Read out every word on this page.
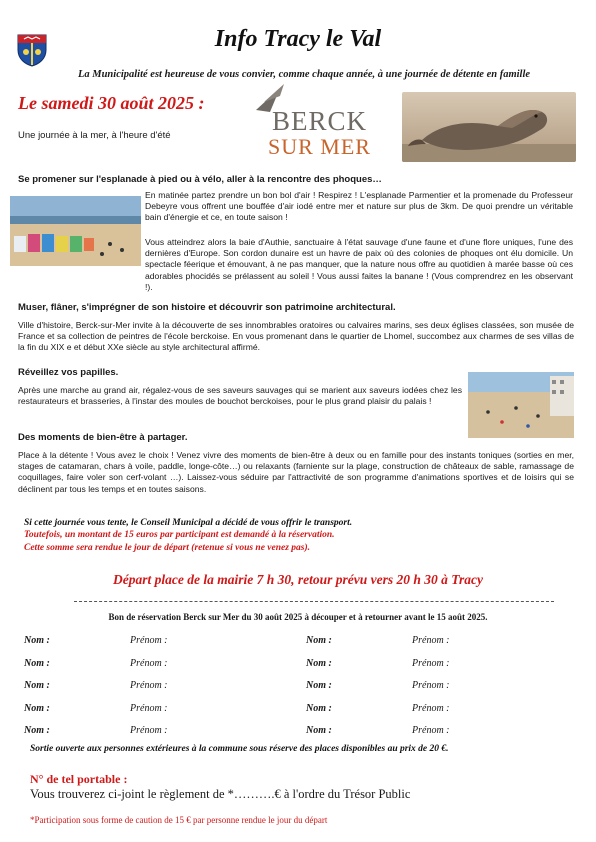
Info Tracy le Val
La Municipalité est heureuse de vous convier, comme chaque année, à une journée de détente en famille
Le samedi 30 août 2025 :
Une journée à la mer, à l'heure d'été	BERCK
SUR MER
Se promener sur l'esplanade à pied ou à vélo, aller à la rencontre des phoques…

En matinée partez prendre un bon bol d'air ! Respirez ! L'esplanade Parmentier et la promenade du Professeur Debeyre vous offrent une bouffée d'air iodé entre mer et nature sur plus de 3km. De quoi prendre un véritable bain d'énergie et ce, en toute saison !

Vous atteindrez alors la baie d'Authie, sanctuaire à l'état sauvage d'une faune et d'une flore uniques, l'une des dernières d'Europe. Son cordon dunaire est un havre de paix où des colonies de phoques ont élu domicile. Un spectacle féerique et émouvant, à ne pas manquer, que la nature nous offre au quotidien à marée basse où ces adorables phocidés se prélassent au soleil ! Vous aussi faites la banane ! (Vous comprendrez en les observant !).

Muser, flâner, s'imprégner de son histoire et découvrir son patrimoine architectural.

Ville d'histoire, Berck-sur-Mer invite à la découverte de ses innombrables oratoires ou calvaires marins, ses deux églises classées, son musée de France et sa collection de peintres de l'école berckoise. En vous promenant dans le quartier de Lhomel, succombez aux charmes de ses villas de la fin du XIX e et début XXe siècle au style architectural affirmé.

Réveillez vos papilles.

Après une marche au grand air, régalez-vous de ses saveurs sauvages qui se marient aux saveurs iodées chez les restaurateurs et brasseries, à l'instar des moules de bouchot berckoises, pour le plus grand plaisir du palais !

Des moments de bien-être à partager.

Place à la détente ! Vous avez le choix ! Venez vivre des moments de bien-être à deux ou en famille pour des instants toniques (sorties en mer, stages de catamaran, chars à voile, paddle, longe-côte…) ou relaxants (farniente sur la plage, construction de châteaux de sable, ramassage de coquillages, faire voler son cerf-volant …). Laissez-vous séduire par l'attractivité de son programme d'animations sportives et de loisirs qui se déclinent par tous les temps et en toutes saisons.

Si cette journée vous tente, le Conseil Municipal a décidé de vous offrir le transport.
Toutefois, un montant de 15 euros par participant est demandé à la réservation.
Cette somme sera rendue le jour de départ (retenue si vous ne venez pas).
Départ place de la mairie 7 h 30, retour prévu vers 20 h 30 à Tracy
Bon de réservation Berck sur Mer du 30 août 2025 à découper et à retourner avant le 15 août 2025.
Nom :	Prénom :	Nom :	Prénom :
Nom :	Prénom :	Nom :	Prénom :
Nom :	Prénom :	Nom :	Prénom :
Nom :	Prénom :	Nom :	Prénom :
Nom :	Prénom :	Nom :	Prénom :
Sortie ouverte aux personnes extérieures à la commune sous réserve des places disponibles au prix de 20 €.
N° de tel portable :
Vous trouverez ci-joint le règlement de *……….€ à l'ordre du Trésor Public
*Participation sous forme de caution de 15 € par personne rendue le jour du départ
